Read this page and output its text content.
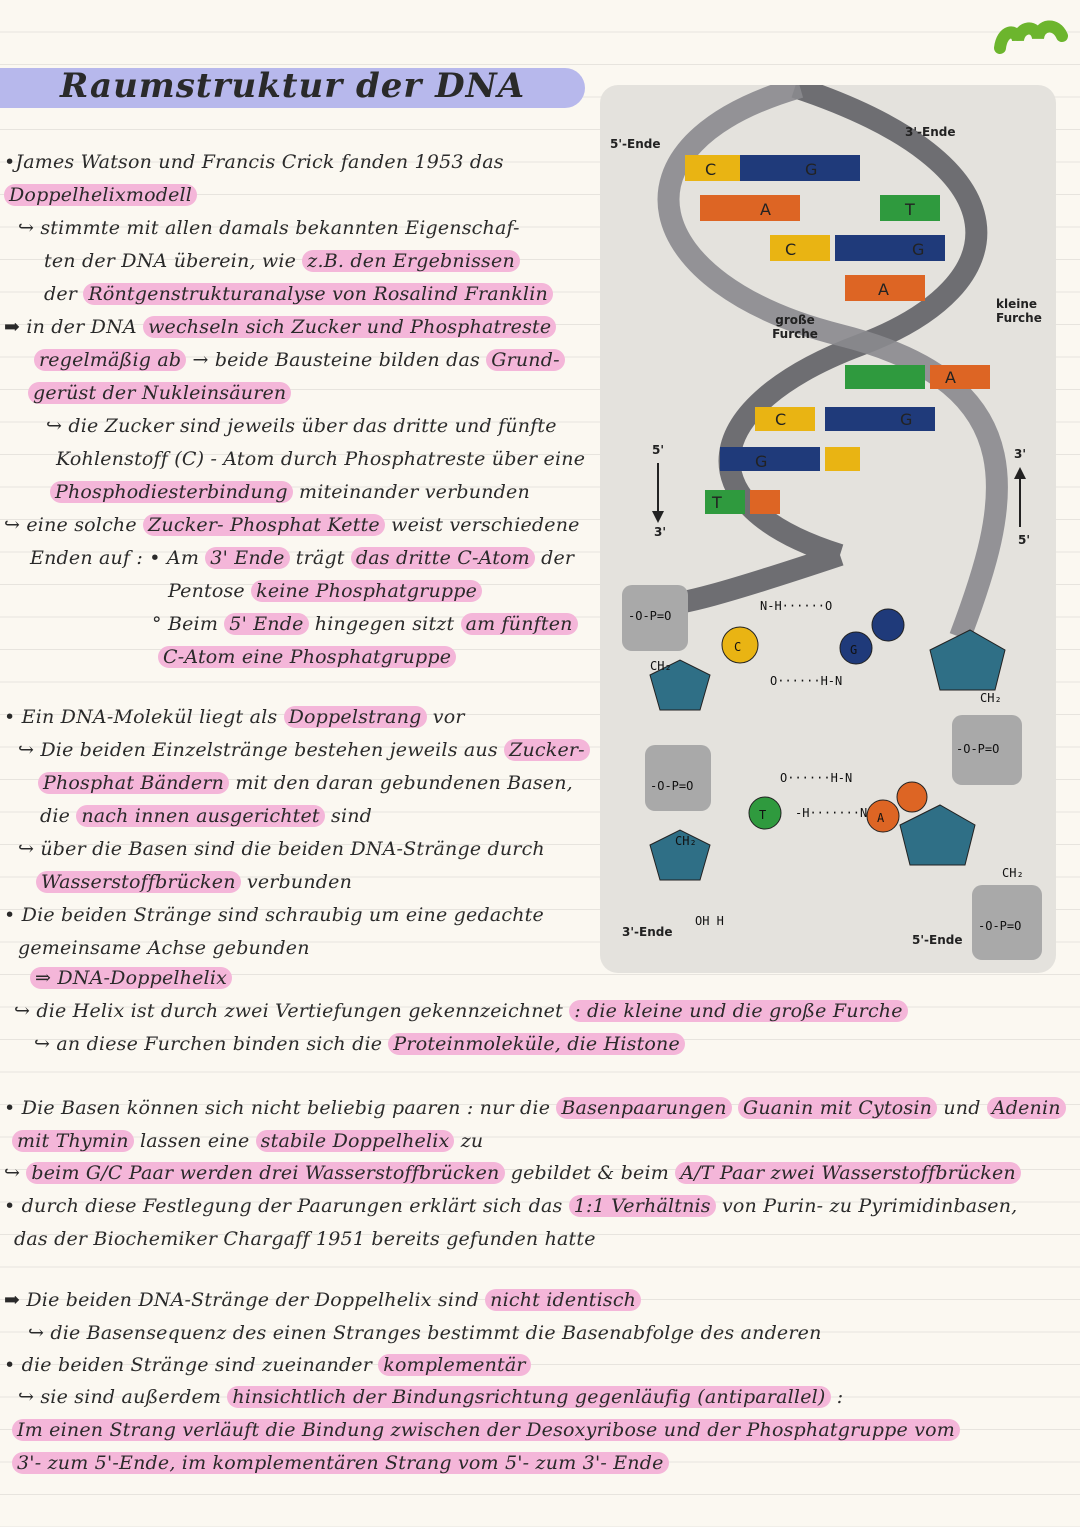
Raumstruktur der DNA
•James Watson und Francis Crick fanden 1953 das
Doppelhelixmodell
↪ stimmte mit allen damals bekannten Eigenschaf-
ten der DNA überein, wie z.B. den Ergebnissen
der Röntgenstrukturanalyse von Rosalind Franklin
➡ in der DNA wechseln sich Zucker und Phosphatreste
regelmäßig ab → beide Bausteine bilden das Grund-
gerüst der Nukleinsäuren
↪ die Zucker sind jeweils über das dritte und fünfte
Kohlenstoff (C) - Atom durch Phosphatreste über eine
Phosphodiesterbindung miteinander verbunden
↪ eine solche Zucker- Phosphat Kette weist verschiedene
Enden auf : • Am 3' Ende trägt das dritte C-Atom der
Pentose keine Phosphatgruppe
° Beim 5' Ende hingegen sitzt am fünften
C-Atom eine Phosphatgruppe
• Ein DNA-Molekül liegt als Doppelstrang vor
↪ Die beiden Einzelstränge bestehen jeweils aus Zucker-
Phosphat Bändern mit den daran gebundenen Basen,
die nach innen ausgerichtet sind
↪ über die Basen sind die beiden DNA-Stränge durch
Wasserstoffbrücken verbunden
• Die beiden Stränge sind schraubig um eine gedachte
gemeinsame Achse gebunden
⇒ DNA-Doppelhelix
↪ die Helix ist durch zwei Vertiefungen gekennzeichnet : die kleine und die große Furche
↪ an diese Furchen binden sich die Proteinmoleküle, die Histone
• Die Basen können sich nicht beliebig paaren : nur die Basenpaarungen Guanin mit Cytosin und Adenin
mit Thymin lassen eine stabile Doppelhelix zu
↪ beim G/C Paar werden drei Wasserstoffbrücken gebildet & beim A/T Paar zwei Wasserstoffbrücken
• durch diese Festlegung der Paarungen erklärt sich das 1:1 Verhältnis von Purin- zu Pyrimidinbasen,
das der Biochemiker Chargaff 1951 bereits gefunden hatte
➡ Die beiden DNA-Stränge der Doppelhelix sind nicht identisch
↪ die Basensequenz des einen Stranges bestimmt die Basenabfolge des anderen
• die beiden Stränge sind zueinander komplementär
↪ sie sind außerdem hinsichtlich der Bindungsrichtung gegenläufig (antiparallel) :
Im einen Strang verläuft die Bindung zwischen der Desoxyribose und der Phosphatgruppe vom
3'- zum 5'-Ende, im komplementären Strang vom 5'- zum 3'- Ende
C	G
A	T
C	G
A
A
C	G
G
T
-O-P=O
-O-P=O
-O-P=O
-O-P=O
C	G
T	A
N-H······O
O······H-N
O······H-N
-H·······N
CH₂
CH₂
CH₂
CH₂
OH H
5'-Ende
3'-Ende
große Furche
kleine Furche
5'
3'
3'
5'
3'-Ende
5'-Ende
